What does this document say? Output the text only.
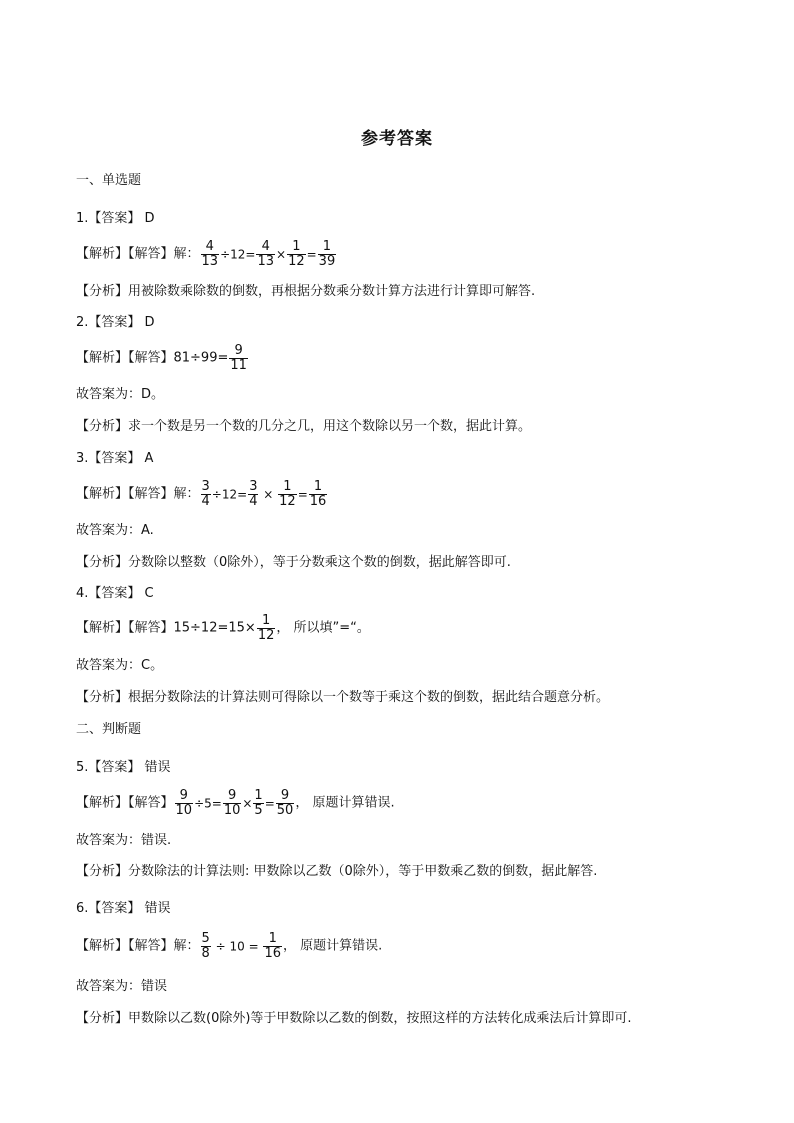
参考答案
一、单选题
1.【答案】 D
【解析】【解答】解： $\frac{4}{13} \div 12= \frac{4}{13} \times \frac{1}{12} = \frac{1}{39}$
【分析】用被除数乘除数的倒数，再根据分数乘分数计算方法进行计算即可解答.
2.【答案】 D
【解析】【解答】$81\div 99= \frac{9}{11}$
故答案为：D。
【分析】求一个数是另一个数的几分之几，用这个数除以另一个数，据此计算。
3.【答案】 A
【解析】【解答】解： $\frac{3}{4} \div 12= \frac{3}{4} \times \frac{1}{12} = \frac{1}{16}$
故答案为：A.
【分析】分数除以整数（0除外），等于分数乘这个数的倒数，据此解答即可.
4.【答案】 C
【解析】【解答】$15\div 12=15\times \frac{1}{12}$ ， 所以填”=“。
故答案为：C。
【分析】根据分数除法的计算法则可得除以一个数等于乘这个数的倒数，据此结合题意分析。
二、判断题
5.【答案】 错误
【解析】【解答】 $\frac{9}{10} \div 5= \frac{9}{10} \times \frac{1}{5} = \frac{9}{50}$ ， 原题计算错误.
故答案为：错误.
【分析】分数除法的计算法则: 甲数除以乙数（0除外），等于甲数乘乙数的倒数，据此解答.
6.【答案】 错误
【解析】【解答】解： $\frac{5}{8} \div 10 = \frac{1}{16}$ ， 原题计算错误.
故答案为：错误
【分析】甲数除以乙数(0除外)等于甲数除以乙数的倒数，按照这样的方法转化成乘法后计算即可.
